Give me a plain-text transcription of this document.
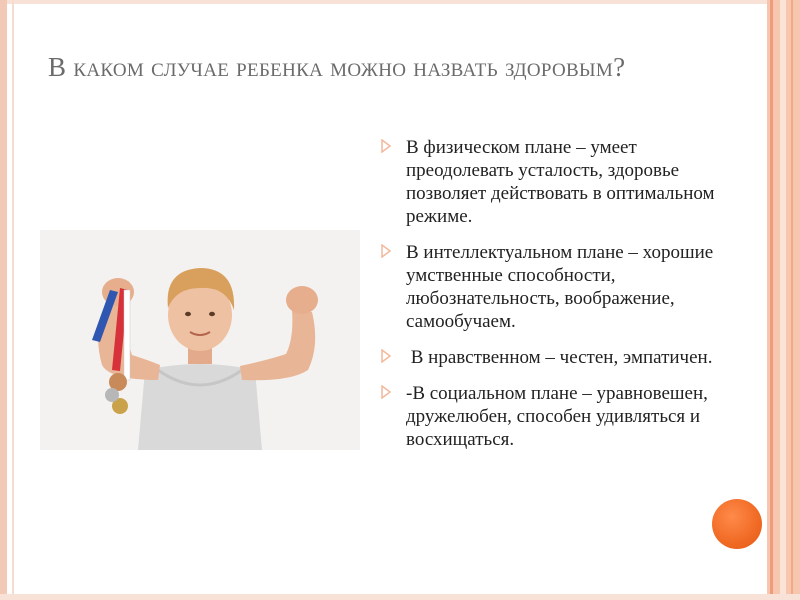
В каком случае ребенка можно назвать здоровым?
В физическом плане – умеет преодолевать усталость, здоровье позволяет действовать в оптимальном режиме.
В интеллектуальном плане – хорошие умственные способности, любознательность, воображение, самообучаем.
В нравственном – честен, эмпатичен.
-В социальном плане – уравновешен, дружелюбен, способен удивляться и восхищаться.
